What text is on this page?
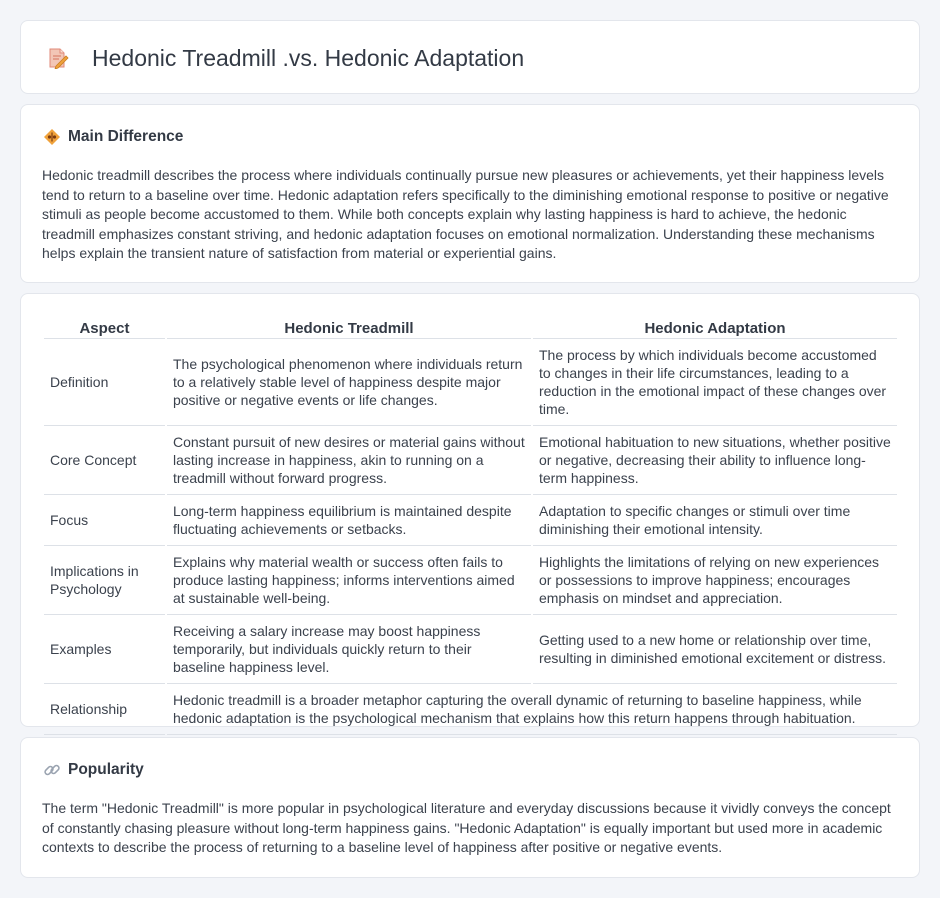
Hedonic Treadmill .vs. Hedonic Adaptation
Main Difference

Hedonic treadmill describes the process where individuals continually pursue new pleasures or achievements, yet their happiness levels tend to return to a baseline over time. Hedonic adaptation refers specifically to the diminishing emotional response to positive or negative stimuli as people become accustomed to them. While both concepts explain why lasting happiness is hard to achieve, the hedonic treadmill emphasizes constant striving, and hedonic adaptation focuses on emotional normalization. Understanding these mechanisms helps explain the transient nature of satisfaction from material or experiential gains.

Aspect	Hedonic Treadmill	Hedonic Adaptation
Definition	The psychological phenomenon where individuals return to a relatively stable level of happiness despite major positive or negative events or life changes.	The process by which individuals become accustomed to changes in their life circumstances, leading to a reduction in the emotional impact of these changes over time.
Core Concept	Constant pursuit of new desires or material gains without lasting increase in happiness, akin to running on a treadmill without forward progress.	Emotional habituation to new situations, whether positive or negative, decreasing their ability to influence long-term happiness.
Focus	Long-term happiness equilibrium is maintained despite fluctuating achievements or setbacks.	Adaptation to specific changes or stimuli over time diminishing their emotional intensity.
Implications in Psychology	Explains why material wealth or success often fails to produce lasting happiness; informs interventions aimed at sustainable well-being.	Highlights the limitations of relying on new experiences or possessions to improve happiness; encourages emphasis on mindset and appreciation.
Examples	Receiving a salary increase may boost happiness temporarily, but individuals quickly return to their baseline happiness level.	Getting used to a new home or relationship over time, resulting in diminished emotional excitement or distress.
Relationship	Hedonic treadmill is a broader metaphor capturing the overall dynamic of returning to baseline happiness, while hedonic adaptation is the psychological mechanism that explains how this return happens through habituation.	
Popularity

The term "Hedonic Treadmill" is more popular in psychological literature and everyday discussions because it vividly conveys the concept of constantly chasing pleasure without long-term happiness gains. "Hedonic Adaptation" is equally important but used more in academic contexts to describe the process of returning to a baseline level of happiness after positive or negative events.
